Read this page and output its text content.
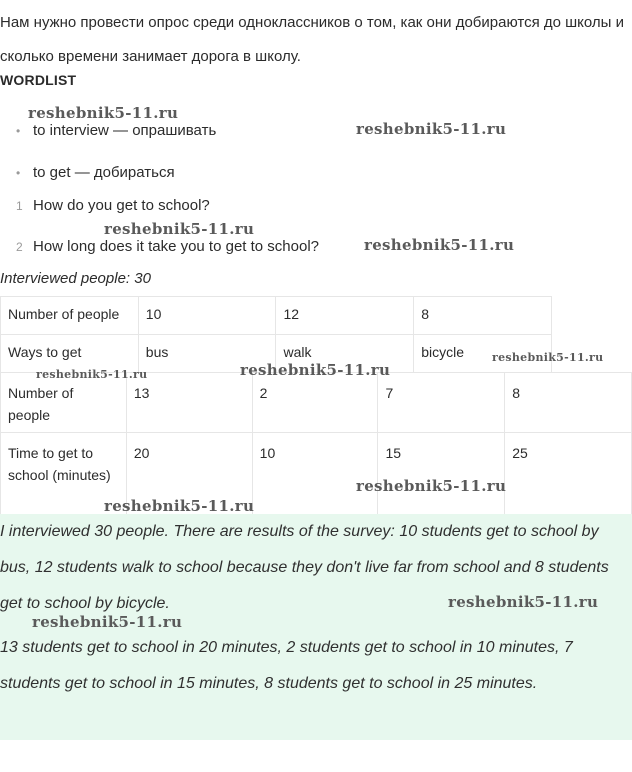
Нам нужно провести опрос среди одноклассников о том, как они добираются до школы и сколько времени занимает дорога в школу.
WORDLIST
• to interview — опрашивать
• to get — добираться
1 How do you get to school?
2 How long does it take you to get to school?
Interviewed people: 30
Number of people	10	12	8
Ways to get	bus	walk	bicycle
Number of people	13	2	7	8
Time to get to school (minutes)	20	10	15	25

I interviewed 30 people. There are results of the survey: 10 students get to school by bus, 12 students walk to school because they don't live far from school and 8 students get to school by bicycle.

13 students get to school in 20 minutes, 2 students get to school in 10 minutes, 7 students get to school in 15 minutes, 8 students get to school in 25 minutes.

reshebnik5-11.ru
reshebnik5-11.ru
reshebnik5-11.ru
reshebnik5-11.ru
reshebnik5-11.ru
reshebnik5-11.ru
reshebnik5-11.ru
reshebnik5-11.ru
reshebnik5-11.ru
reshebnik5-11.ru
reshebnik5-11.ru
